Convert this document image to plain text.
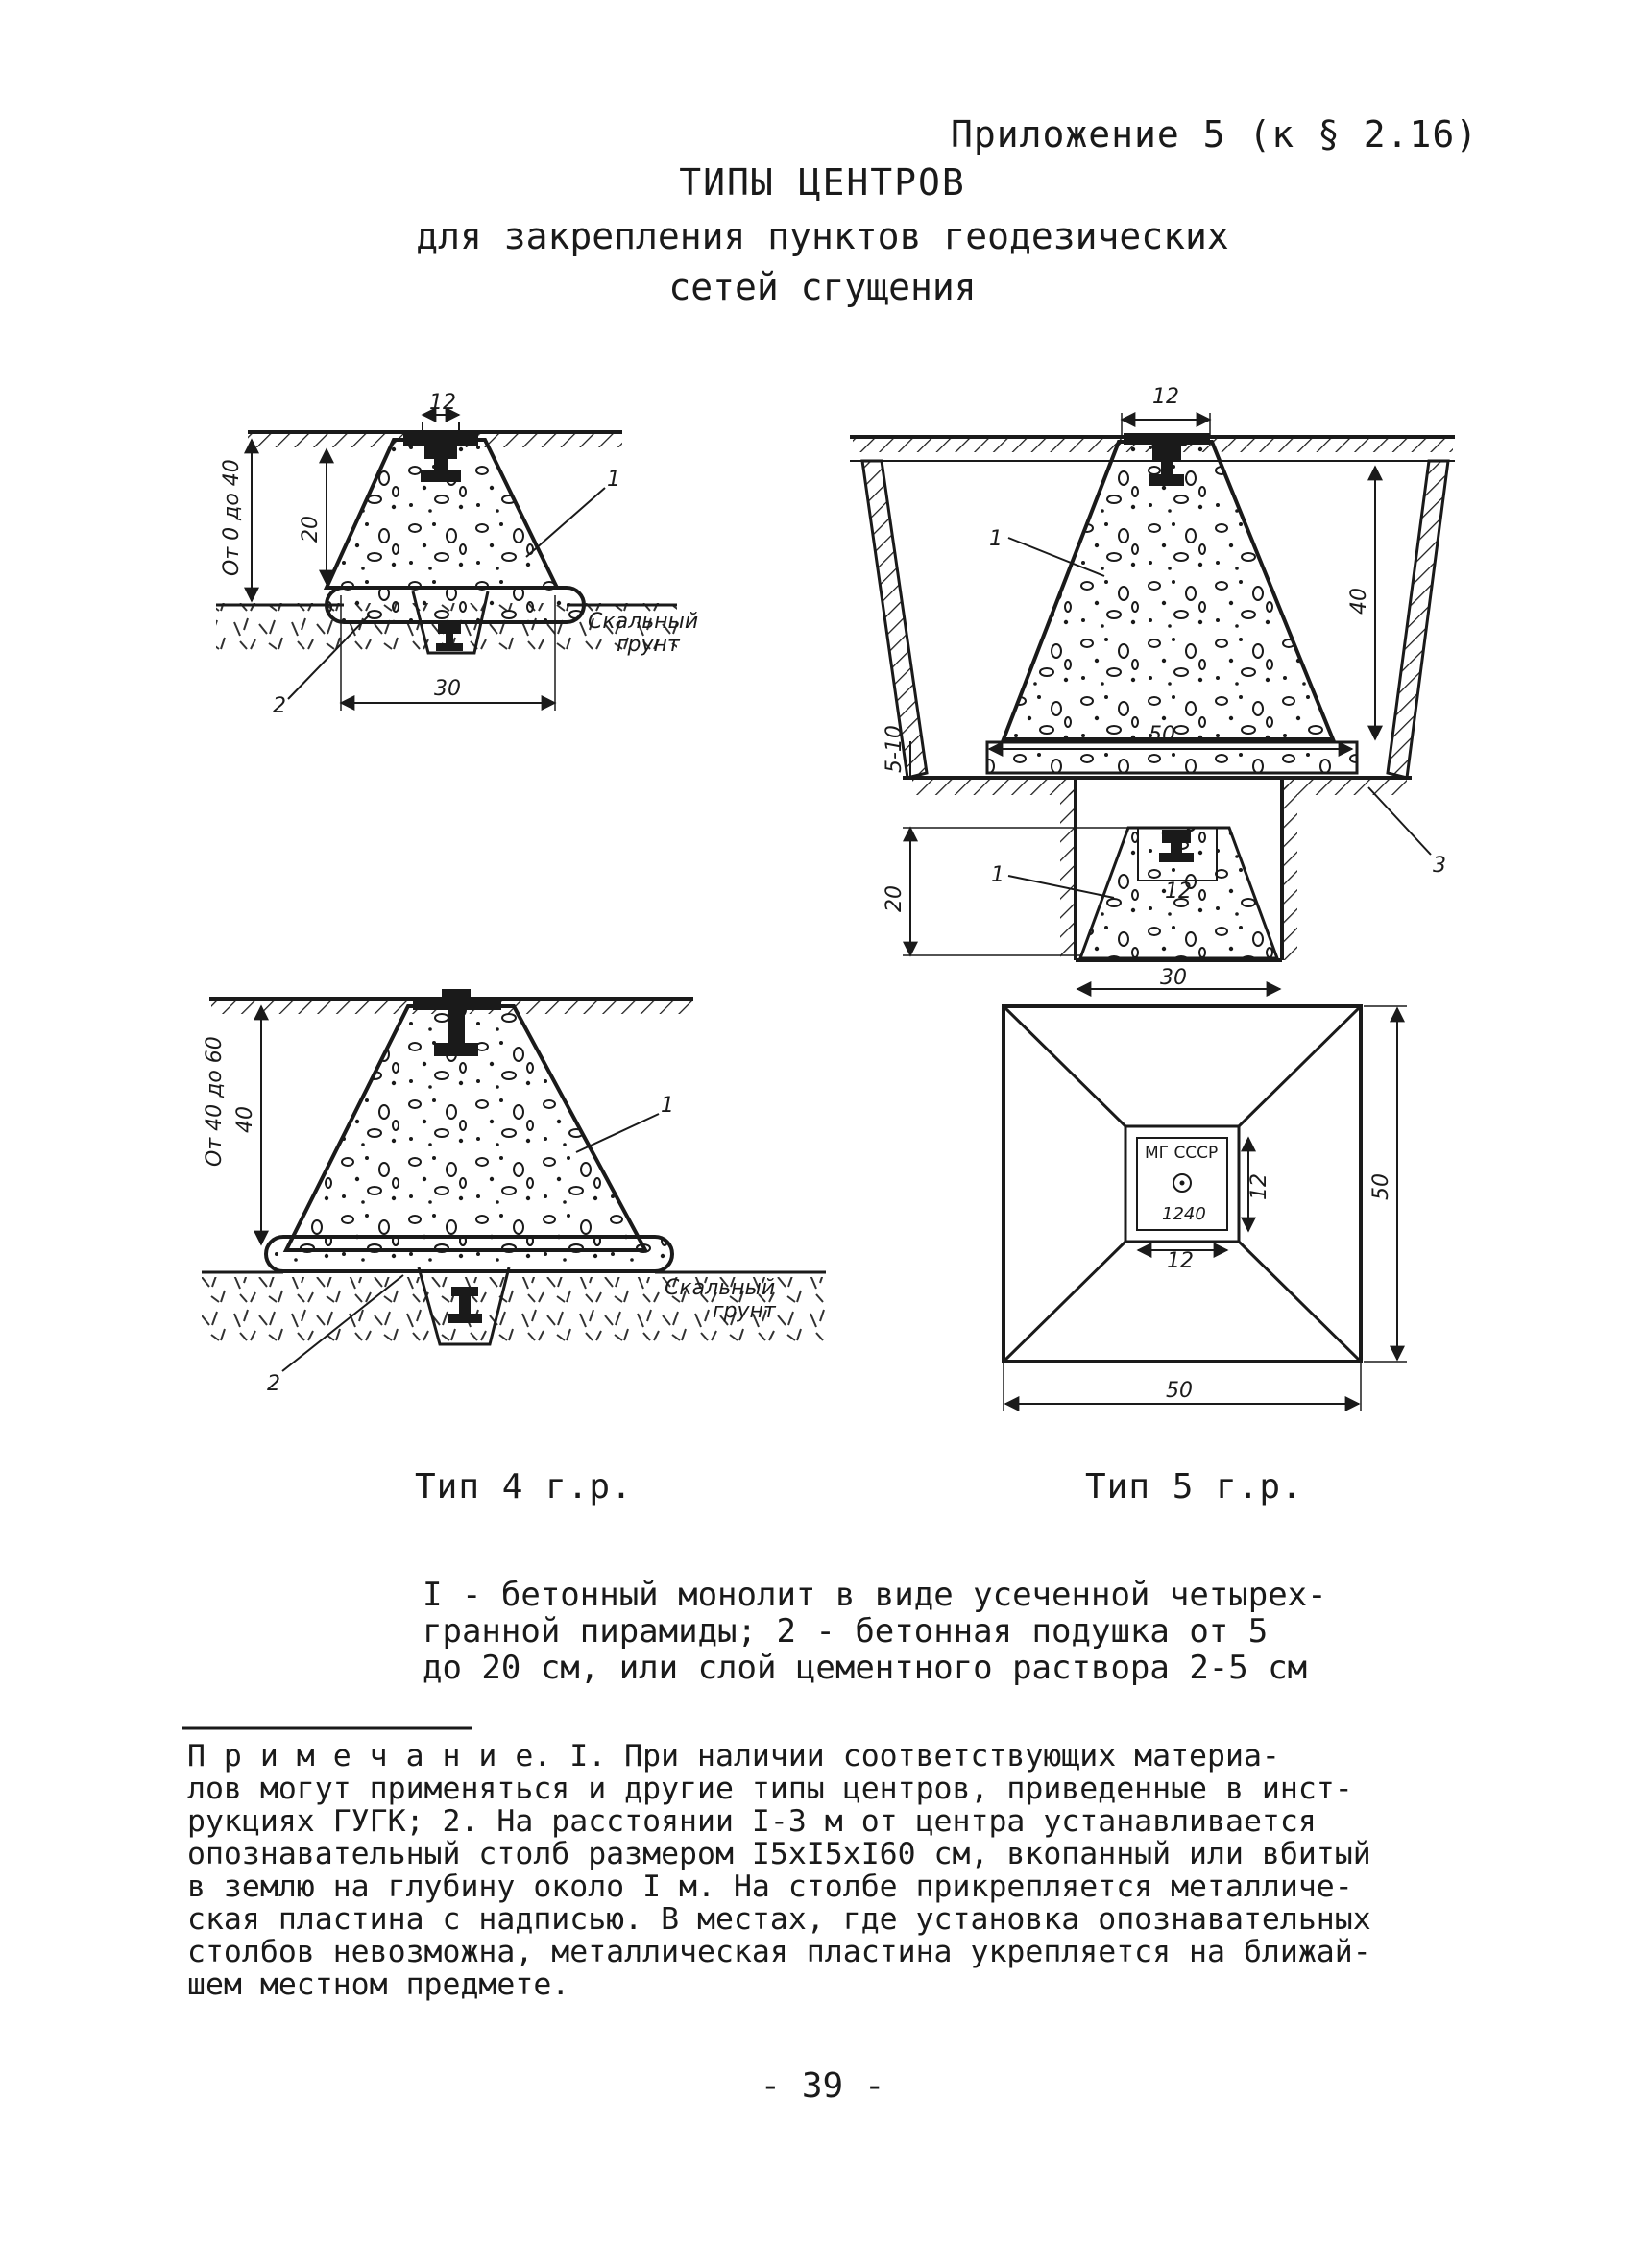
Приложение 5 (к § 2.16)
ТИПЫ ЦЕНТРОВ
для закрепления пунктов геодезических
сетей сгущения
12
20
От 0 до 40
30
1
2
Скальный
грунт
12
12
40
5-10	50
20
30
1
1	3
40
От 40 до 60	1
2
Скальный
грунт
МГ СССР
1240
12
12
50
50
Тип 4 г.р.	Тип 5 г.р.
I - бетонный монолит в виде усеченной четырех-
гранной пирамиды; 2 - бетонная подушка от 5
до 20 см, или слой цементного раствора 2-5 см
П р и м е ч а н и е. I. При наличии соответствующих материа-
лов могут применяться и другие типы центров, приведенные в инст-
рукциях ГУГК; 2. На расстоянии I-3 м от центра устанавливается
опознавательный столб размером I5xI5xI60 см, вкопанный или вбитый
в землю на глубину около I м. На столбе прикрепляется металличе-
ская пластина с надписью. В местах, где установка опознавательных
столбов невозможна, металлическая пластина укрепляется на ближай-
шем местном предмете.
- 39 -
